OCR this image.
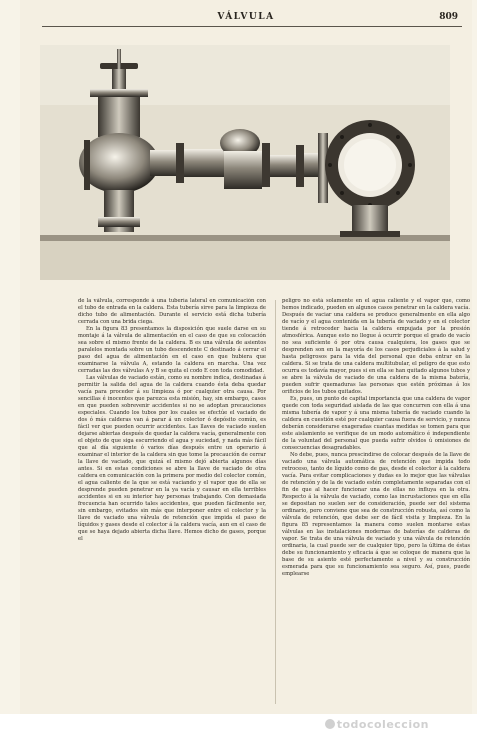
VÁLVULA	809

de la válvula, corresponde á una tubería lateral en comunicación con el tubo de entrada en la caldera. Esta tubería sirve para la limpieza de dicho tubo de alimentación. Durante el servicio está dicha tubería cerrada con una brida ciega.

En la figura 83 presentamos la disposición que suele darse en su montaje á la válvula de alimentación en el caso de que su colocación sea sobre el mismo frente de la caldera. B es una válvula de asientos paralelos montada sobre un tubo descendente C destinado á cerrar el paso del agua de alimentación en el caso en que hubiera que examinarse la válvula A, estando la caldera en marcha. Una vez cerradas las dos válvulas A y B se quita el codo E con toda comodidad.

Las válvulas de vaciado están, como su nombre indica, destinadas á permitir la salida del agua de la caldera cuando ésta deba quedar vacía para proceder á su limpieza ó por cualquier otra causa. Por sencillas é inocentes que parezca esta misión, hay, sin embargo, casos en que pueden sobrevenir accidentes si no se adoptan precauciones especiales. Cuando los tubos por los cuales se efectúe el vaciado de dos ó más calderas van á parar á un colector ó depósito común, es fácil ver que pueden ocurrir accidentes. Las llaves de vaciado suelen dejarse abiertas después de quedar la caldera vacía, generalmente con el objeto de que siga escurriendo el agua y suciedad, y nada más fácil que al día siguiente ó varios días después entre un operario á examinar el interior de la caldera sin que tome la precaución de cerrar la llave de vaciado, que quizá el mismo dejó abierta algunos días antes. Si en estas condiciones se abre la llave de vaciado de otra caldera en comunicación con la primera por medio del colector común, el agua caliente de la que se está vaciando y el vapor que de ella se desprende pueden penetrar en la ya vacía y causar en ella terribles accidentes si en su interior hay personas trabajando. Con demasiada frecuencia han ocurrido tales accidentes, que pueden fácilmente ser, sin embargo, evitados sin más que interponer entre el colector y la llave de vaciado una válvula de retención que impida el paso de líquidos y gases desde el colector á la caldera vacía, aun en el caso de que se haya dejado abierta dicha llave. Hemos dicho de gases, porque el

peligro no está solamente en el agua caliente y el vapor que, como hemos indicado, pueden en algunos casos penetrar en la caldera vacía. Después de vaciar una caldera se produce generalmente en ella algo de vacío y el agua contenida en la tubería de vaciado y en el colector tiende á retroceder hacia la caldera empujada por la presión atmosférica. Aunque esto no llegue á ocurrir porque el grado de vacío no sea suficiente ó por otra causa cualquiera, los gases que se desprenden son en la mayoría de los casos perjudiciales á la salud y hasta peligrosos para la vida del personal que deba entrar en la caldera. Si se trata de una caldera multitubular, el peligro de que esto ocurra es todavía mayor, pues si en ella se han quitado algunos tubos y se abre la válvula de vaciado de una caldera de la misma batería, pueden sufrir quemaduras las personas que estén próximas á los orificios de los tubos quitados.

Es, pues, un punto de capital importancia que una caldera de vapor quede con toda seguridad aislada de las que concurren con ella á una misma tubería de vapor y á una misma tubería de vaciado cuando la caldera en cuestión esté por cualquier causa fuera de servicio, y nunca deberán considerarse exageradas cuantas medidas se tomen para que este aislamiento se verifique de un modo automático é independiente de la voluntad del personal que pueda sufrir olvidos ú omisiones de consecuencias desagradables.

No debe, pues, nunca prescindirse de colocar después de la llave de vaciado una válvula automática de retención que impida todo retroceso, tanto de líquido como de gas, desde el colector á la caldera vacía. Para evitar complicaciones y dudas es lo mejor que las válvulas de retención y de la de vaciado estén completamente separadas con el fin de que al hacer funcionar una de ellas no influya en la otra. Respecto á la válvula de vaciado, como las incrustaciones que en ella se depositan no suelen ser de consideración, puede ser del sistema ordinario, pero conviene que sea de construcción robusta, así como la válvula de retención, que debe ser de fácil visita y limpieza. En la figura 85 representamos la manera como suelen montarse estas válvulas en las instalaciones modernas de baterías de calderas de vapor. Se trata de una válvula de vaciado y una válvula de retención ordinaria, la cual puede ser de cualquier tipo, pero la última de éstas debe su funcionamiento y eficacia á que se coloque de manera que la base de su asiento esté perfectamente a nivel y su construcción esmerada para que su funcionamiento sea seguro. Así, pues, puede emplearse

todocoleccion
